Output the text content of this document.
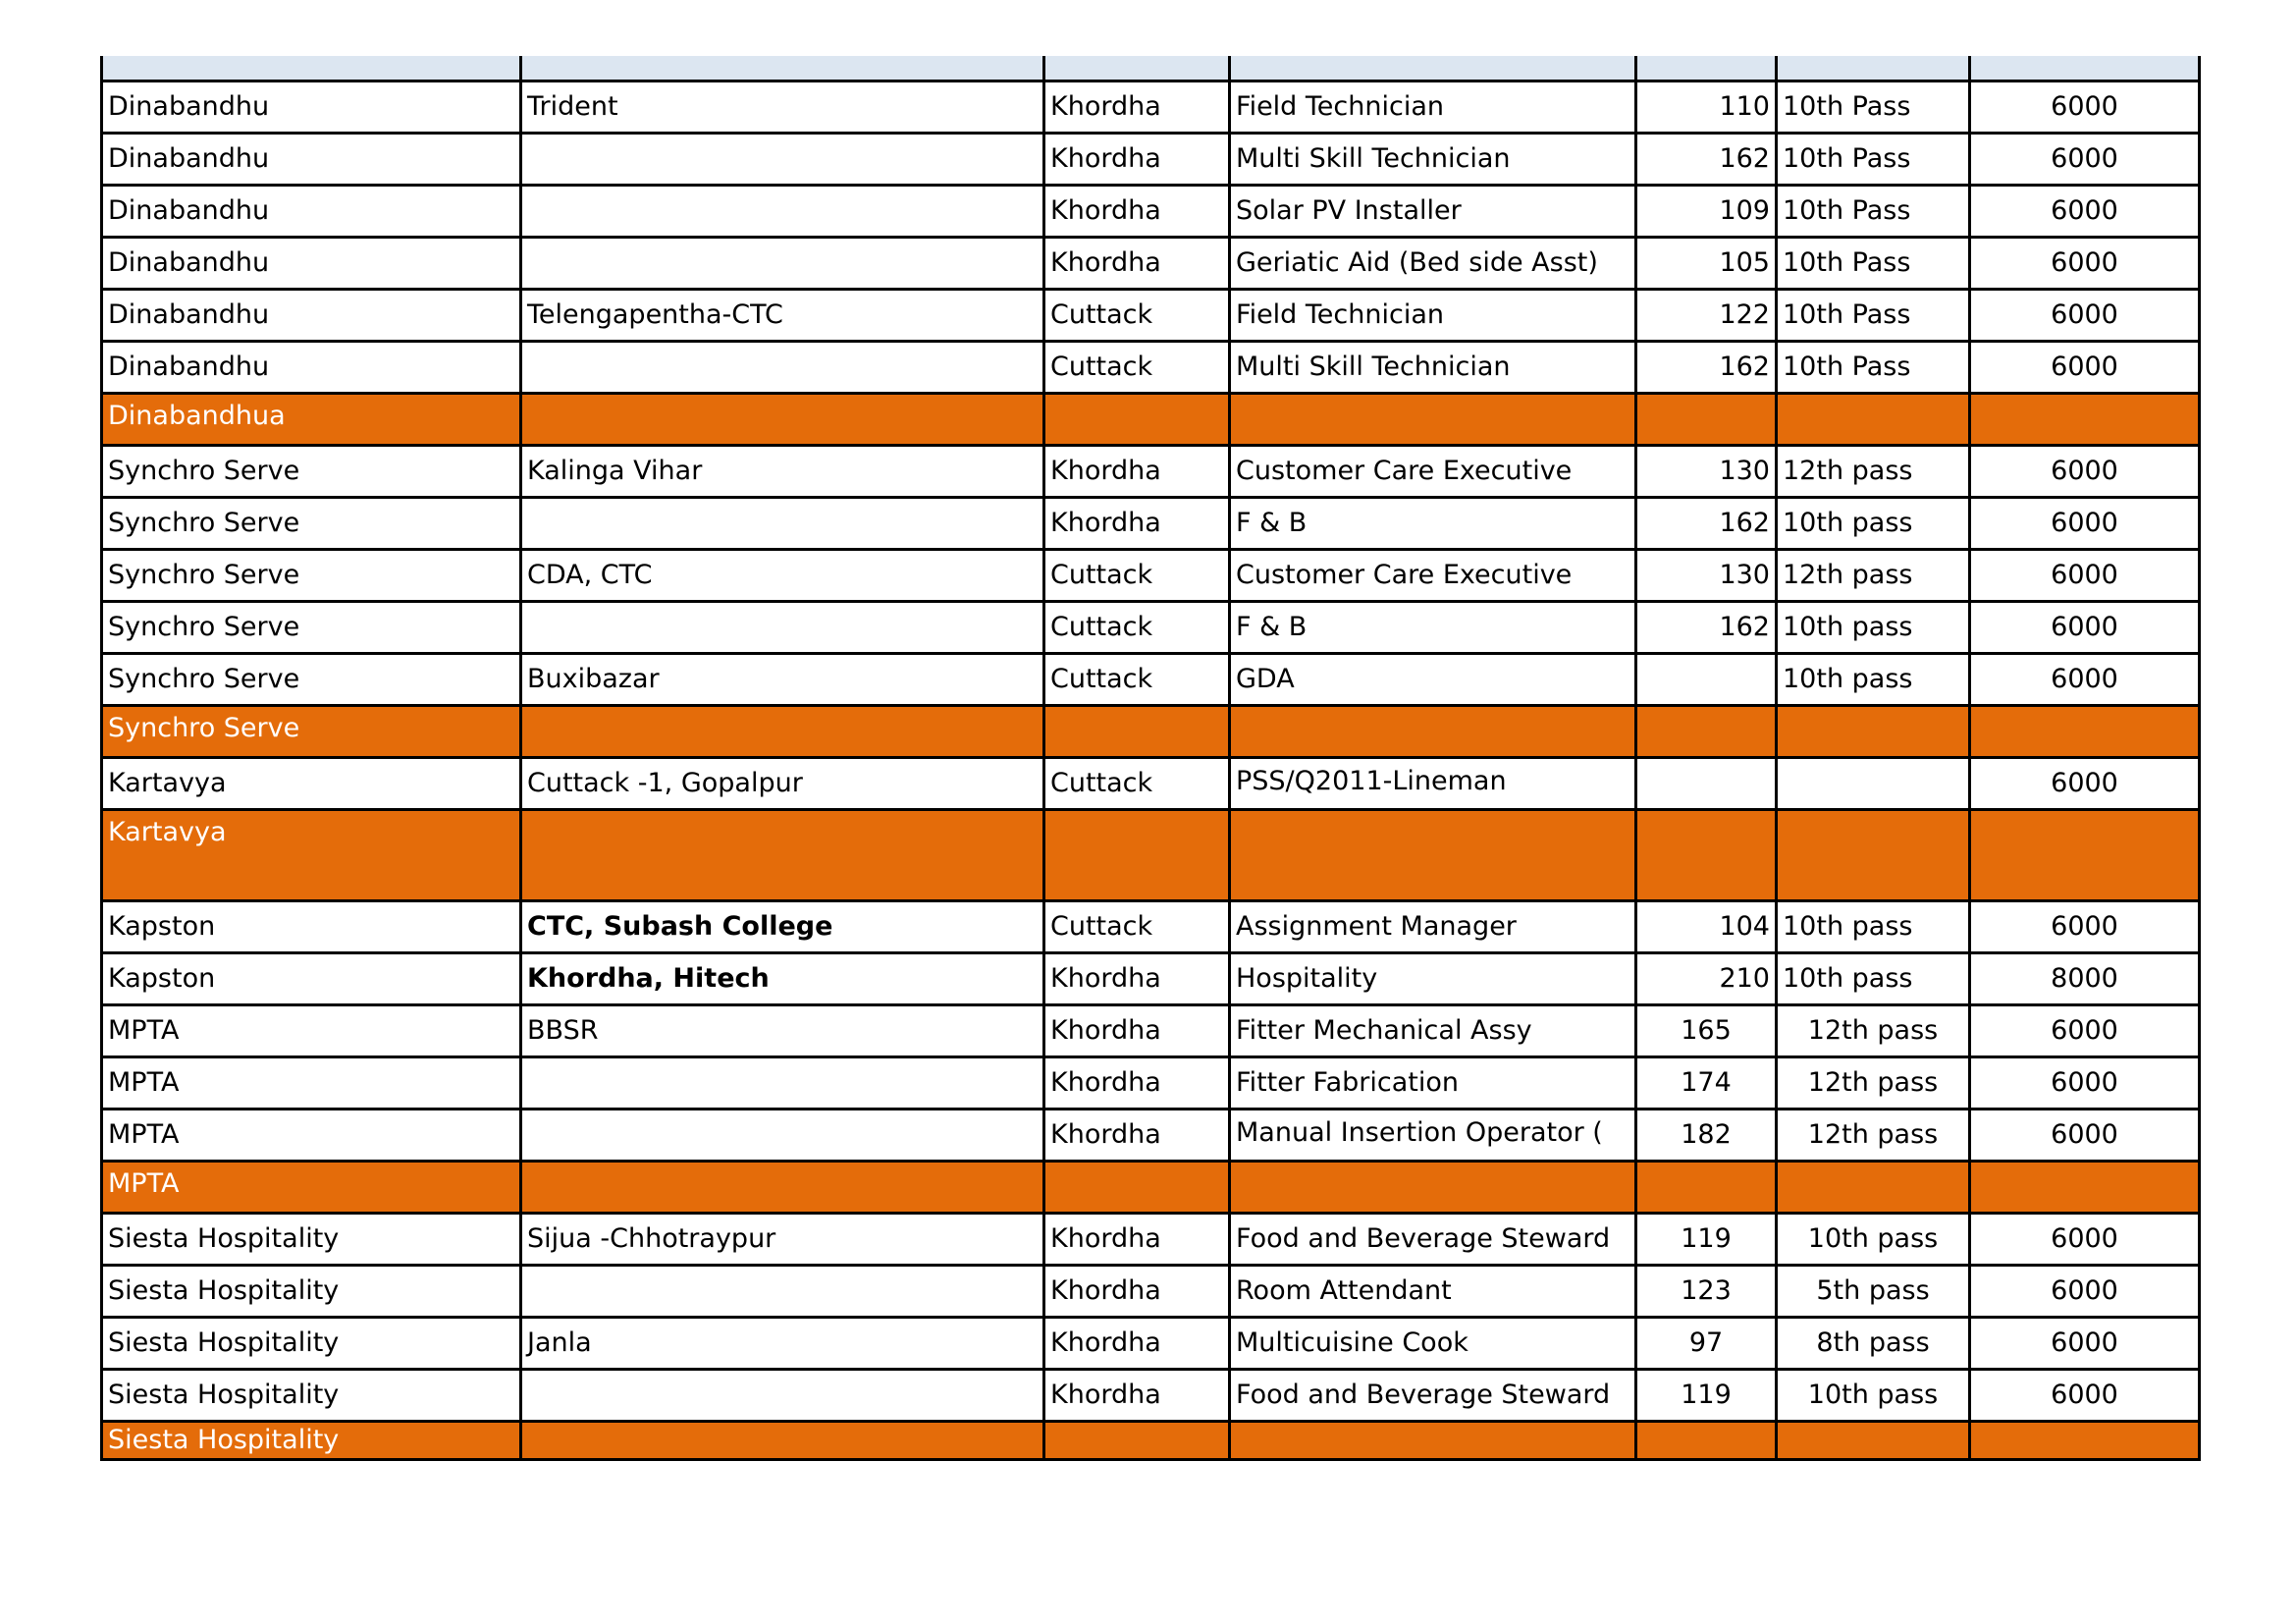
Dinabandhu	Trident	Khordha	Field Technician	110	10th Pass	6000
Dinabandhu		Khordha	Multi Skill Technician	162	10th Pass	6000
Dinabandhu		Khordha	Solar PV Installer	109	10th Pass	6000
Dinabandhu		Khordha	Geriatic Aid (Bed side Asst)	105	10th Pass	6000
Dinabandhu	Telengapentha-CTC	Cuttack	Field Technician	122	10th Pass	6000
Dinabandhu		Cuttack	Multi Skill Technician	162	10th Pass	6000
Dinabandhua						
Synchro Serve	Kalinga Vihar	Khordha	Customer Care Executive	130	12th pass	6000
Synchro Serve		Khordha	F & B	162	10th pass	6000
Synchro Serve	CDA, CTC	Cuttack	Customer Care Executive	130	12th pass	6000
Synchro Serve		Cuttack	F & B	162	10th pass	6000
Synchro Serve	Buxibazar	Cuttack	GDA		10th pass	6000
Synchro Serve						
Kartavya	Cuttack -1, Gopalpur	Cuttack	PSS/Q2011-Lineman			6000
Kartavya						
Kapston	CTC, Subash College	Cuttack	Assignment Manager	104	10th pass	6000
Kapston	Khordha, Hitech	Khordha	Hospitality	210	10th pass	8000
MPTA	BBSR	Khordha	Fitter Mechanical Assy	165	12th pass	6000
MPTA		Khordha	Fitter Fabrication	174	12th pass	6000
MPTA		Khordha	Manual Insertion Operator (	182	12th pass	6000
MPTA						
Siesta Hospitality	Sijua -Chhotraypur	Khordha	Food and Beverage Steward	119	10th pass	6000
Siesta Hospitality		Khordha	Room Attendant	123	5th pass	6000
Siesta Hospitality	Janla	Khordha	Multicuisine Cook	97	8th pass	6000
Siesta Hospitality		Khordha	Food and Beverage Steward	119	10th pass	6000
Siesta Hospitality						
